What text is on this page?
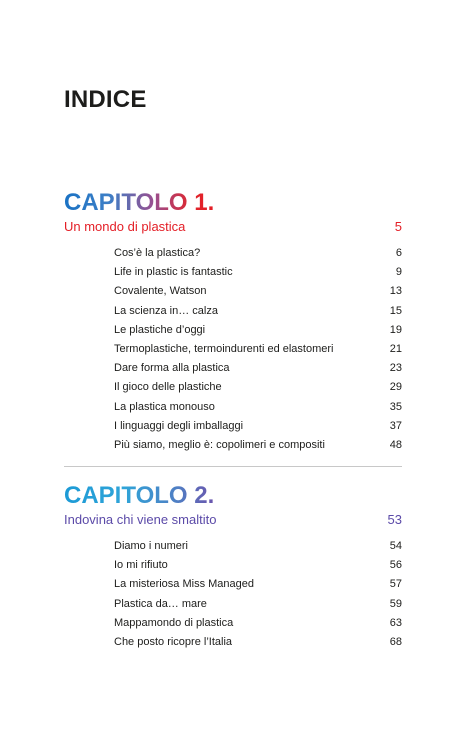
INDICE
CAPITOLO 1.
Un mondo di plastica	5
Cos’è la plastica?	6
Life in plastic is fantastic	9
Covalente, Watson	13
La scienza in… calza	15
Le plastiche d’oggi	19
Termoplastiche, termoindurenti ed elastomeri	21
Dare forma alla plastica	23
Il gioco delle plastiche	29
La plastica monouso	35
I linguaggi degli imballaggi	37
Più siamo, meglio è: copolimeri e compositi	48
CAPITOLO 2.
Indovina chi viene smaltito	53
Diamo i numeri	54
Io mi rifiuto	56
La misteriosa Miss Managed	57
Plastica da… mare	59
Mappamondo di plastica	63
Che posto ricopre l’Italia	68
